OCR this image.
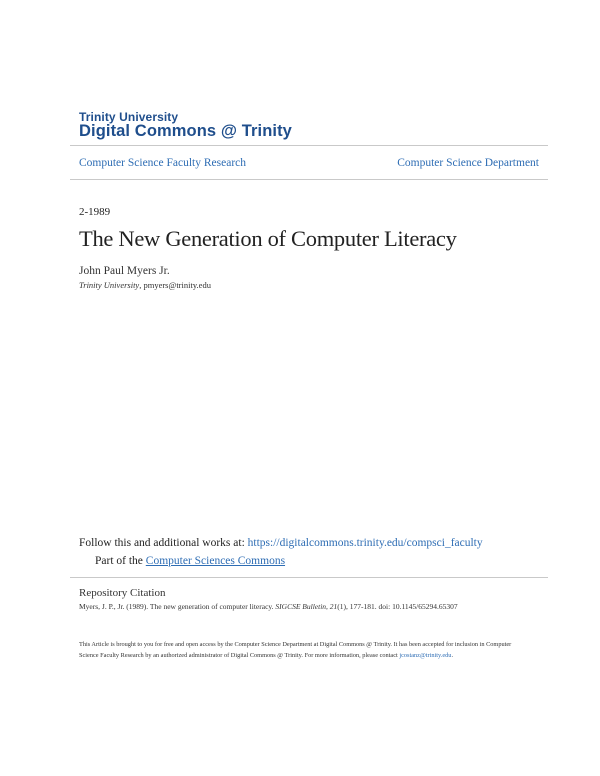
Trinity University
Digital Commons @ Trinity
Computer Science Faculty Research	Computer Science Department
2-1989
The New Generation of Computer Literacy
John Paul Myers Jr.
Trinity University, pmyers@trinity.edu
Follow this and additional works at: https://digitalcommons.trinity.edu/compsci_faculty
Part of the Computer Sciences Commons
Repository Citation
Myers, J. P., Jr. (1989). The new generation of computer literacy. SIGCSE Bulletin, 21(1), 177-181. doi: 10.1145/65294.65307
This Article is brought to you for free and open access by the Computer Science Department at Digital Commons @ Trinity. It has been accepted for inclusion in Computer Science Faculty Research by an authorized administrator of Digital Commons @ Trinity. For more information, please contact jcostanz@trinity.edu.
